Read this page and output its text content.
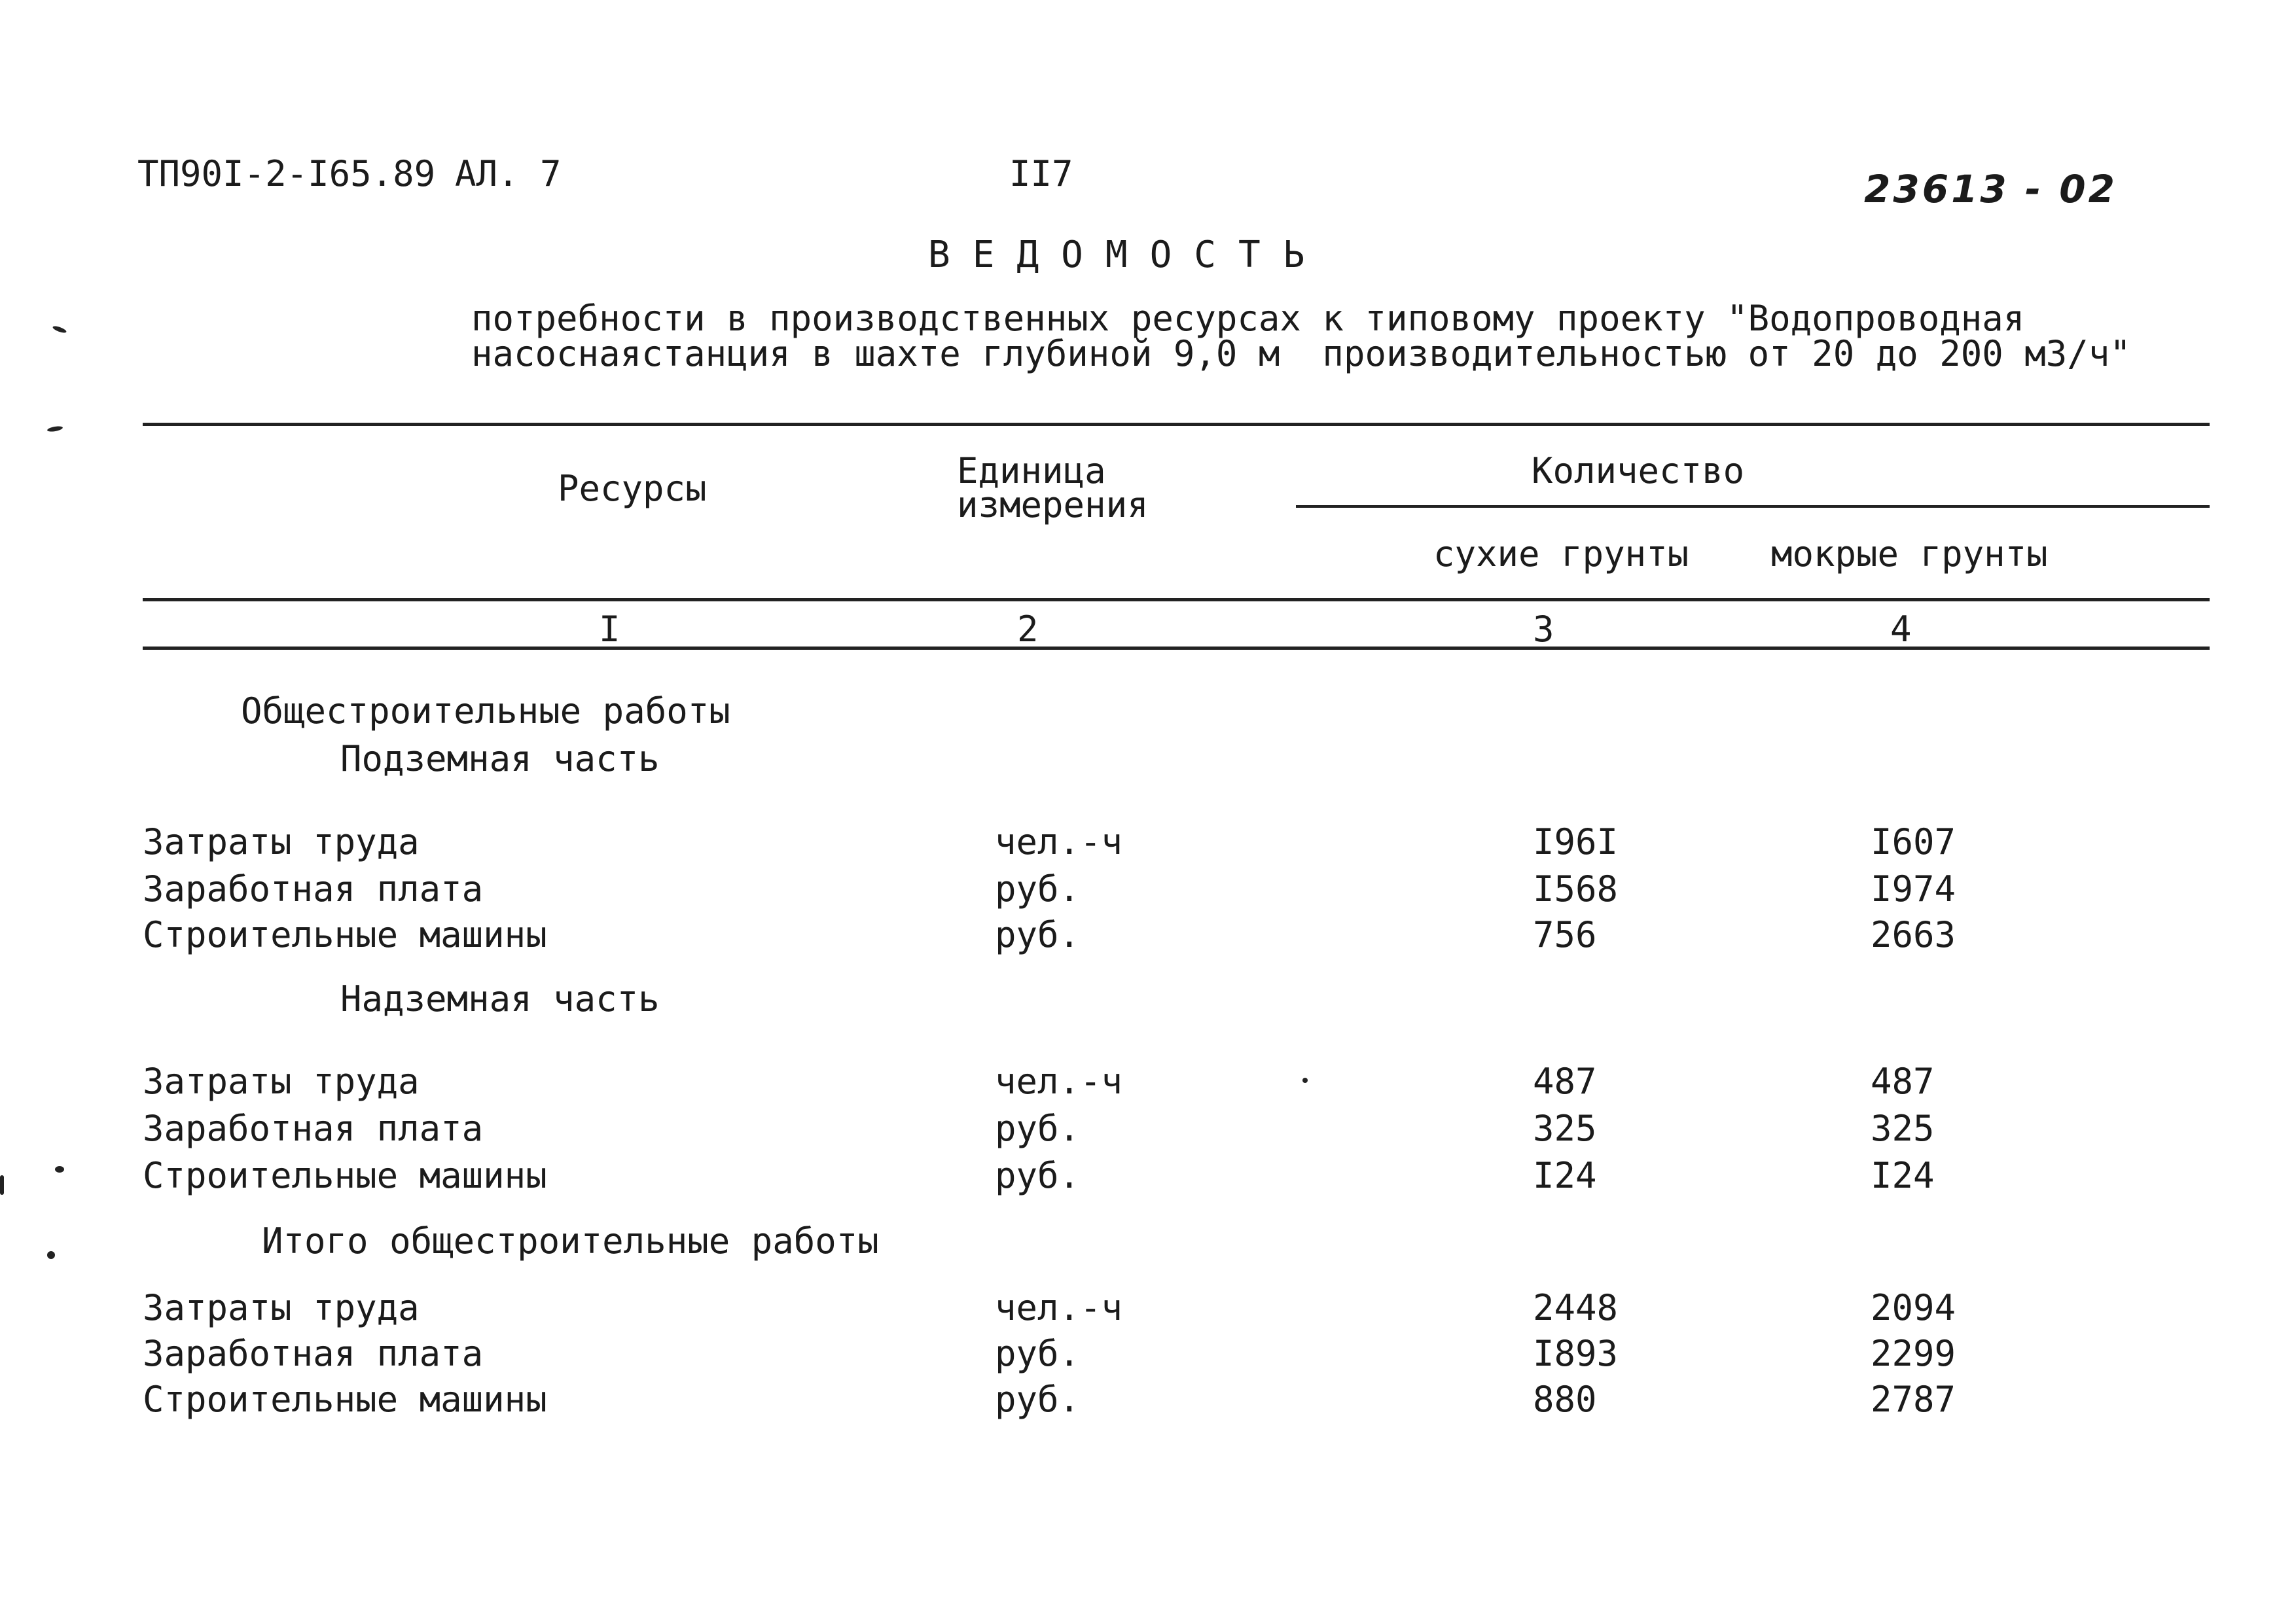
ТП90I-2-I65.89 АЛ. 7	II7	23613 - 02
ВЕДОМОСТЬ
потребности в производственных ресурсах к типовому проекту "Водопроводная
насоснаястанция в шахте глубиной 9,0 м  производительностью от 20 до 200 м3/ч"
Ресурсы	Единица
измерения
Количество
сухие грунты мокрые грунты
I	2	3	4
Общестроительные работы
Подземная часть
Затраты труда	чел.-ч	I96I	I607
Заработная плата	руб.	I568	I974
Строительные машины	руб.	756	2663
Надземная часть
Затраты труда	чел.-ч	487	487
Заработная плата	руб.	325	325
Строительные машины	руб.	I24	I24
Итого общестроительные работы
Затраты труда	чел.-ч	2448	2094
Заработная плата	руб.	I893	2299
Строительные машины	руб.	880	2787
